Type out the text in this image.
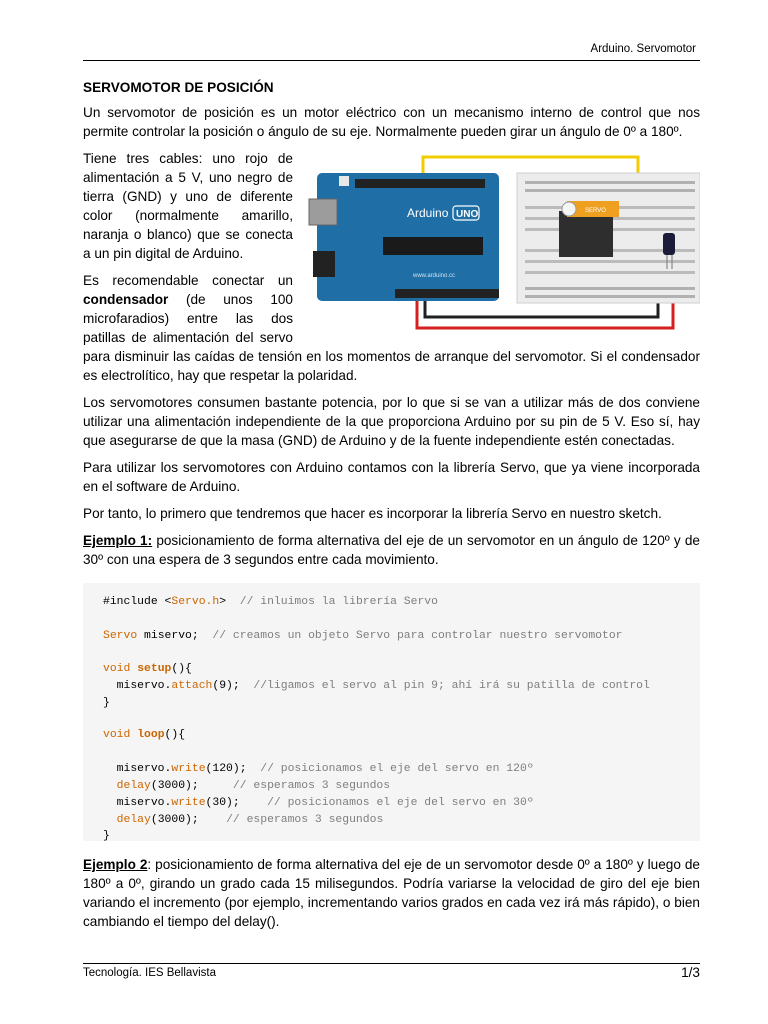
Arduino. Servomotor
SERVOMOTOR DE POSICIÓN

Un servomotor de posición es un motor eléctrico con un mecanismo interno de control que nos permite controlar la posición o ángulo de su eje. Normalmente pueden girar un ángulo de 0º a 180º.

Arduino UNO
www.arduino.cc
SERVO

Tiene tres cables: uno rojo de alimentación a 5 V, uno negro de tierra (GND) y uno de diferente color (normalmente amarillo, naranja o blanco) que se conecta a un pin digital de Arduino.

Es recomendable conectar un condensador (de unos 100 microfaradios) entre las dos patillas de alimentación del servo para disminuir las caídas de tensión en los momentos de arranque del servomotor. Si el condensador es electrolítico, hay que respetar la polaridad.

Los servomotores consumen bastante potencia, por lo que si se van a utilizar más de dos conviene utilizar una alimentación independiente de la que proporciona Arduino por su pin de 5 V. Eso sí, hay que asegurarse de que la masa (GND) de Arduino y de la fuente independiente estén conectadas.

Para utilizar los servomotores con Arduino contamos con la librería Servo, que ya viene incorporada en el software de Arduino.

Por tanto, lo primero que tendremos que hacer es incorporar la librería Servo en nuestro sketch.

Ejemplo 1: posicionamiento de forma alternativa del eje de un servomotor en un ángulo de 120º y de 30º con una espera de 3 segundos entre cada movimiento.

#include <Servo.h>  // inluimos la librería Servo
Servo miservo;  // creamos un objeto Servo para controlar nuestro servomotor
void setup(){
miservo.attach(9);  //ligamos el servo al pin 9; ahí irá su patilla de control
}
void loop(){
miservo.write(120);  // posicionamos el eje del servo en 120º
delay(3000);     // esperamos 3 segundos
miservo.write(30);    // posicionamos el eje del servo en 30º
delay(3000);    // esperamos 3 segundos
}

Ejemplo 2: posicionamiento de forma alternativa del eje de un servomotor desde 0º a 180º y luego de 180º a 0º, girando un grado cada 15 milisegundos. Podría variarse la velocidad de giro del eje bien variando el incremento (por ejemplo, incrementando varios grados en cada vez irá más rápido), o bien cambiando el tiempo del delay().

Tecnología. IES Bellavista	1/3
